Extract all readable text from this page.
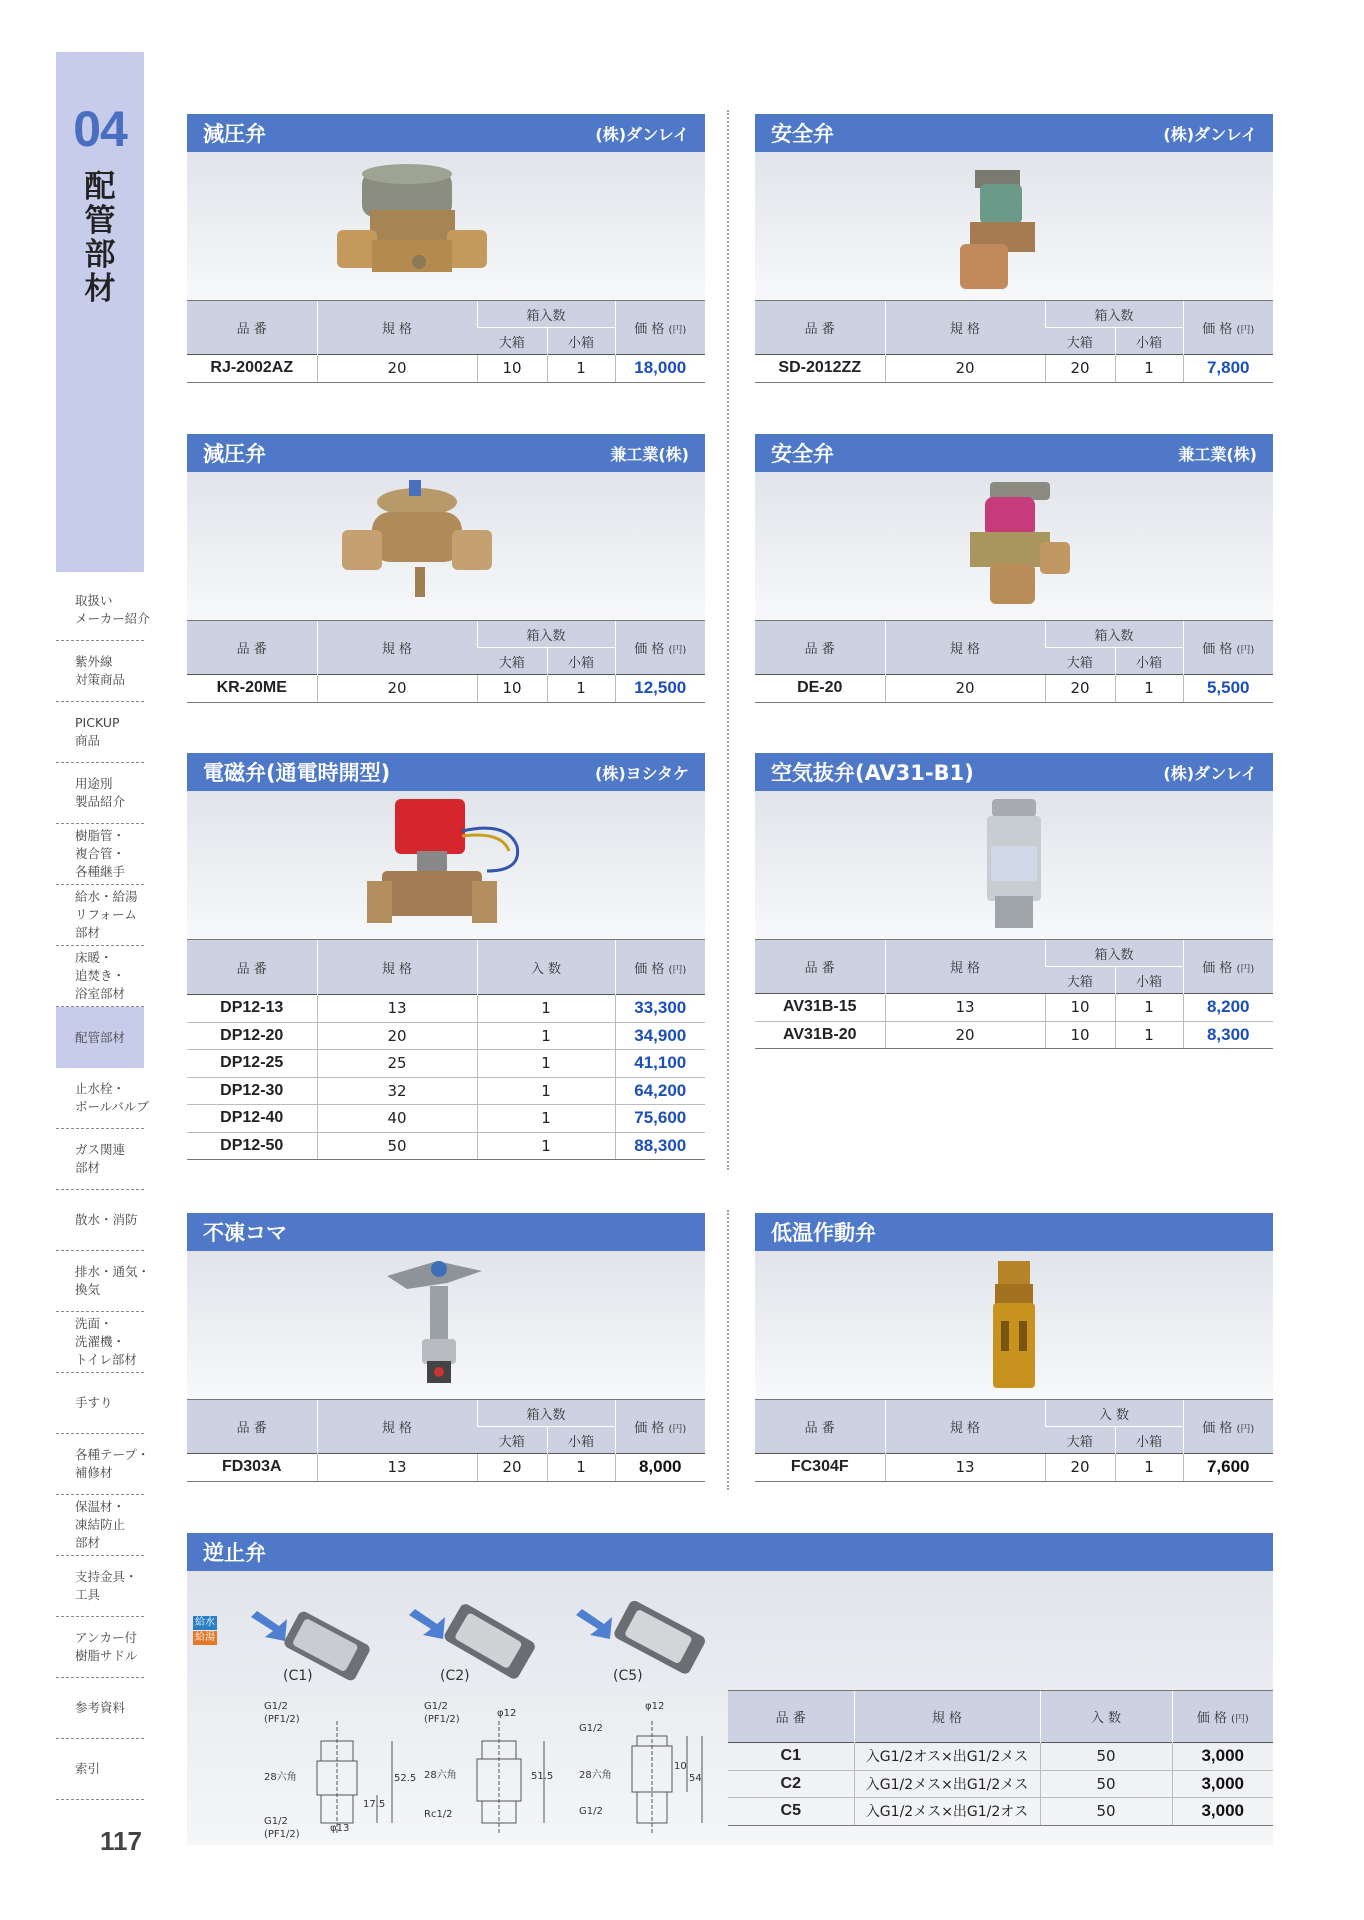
04
配
管
部
材
取扱い
メーカー紹介
紫外線
対策商品
PICKUP
商品
用途別
製品紹介
樹脂管・
複合管・
各種継手
給水・給湯
リフォーム
部材
床暖・
追焚き・
浴室部材
配管部材
止水栓・
ボールバルブ
ガス関連
部材
散水・消防
排水・通気・
換気
洗面・
洗濯機・
トイレ部材
手すり
各種テープ・
補修材
保温材・
凍結防止
部材
支持金具・
工具
アンカー付
樹脂サドル
参考資料
索引
117
減圧弁	(株)ダンレイ
品 番	規 格	箱入数		価 格 (円)
		大箱	小箱	
RJ-2002AZ	20	10	1	18,000
安全弁	(株)ダンレイ
品 番	規 格	箱入数		価 格 (円)
		大箱	小箱	
SD-2012ZZ	20	20	1	7,800
減圧弁	兼工業(株)
品 番	規 格	箱入数		価 格 (円)
		大箱	小箱	
KR-20ME	20	10	1	12,500
安全弁	兼工業(株)
品 番	規 格	箱入数		価 格 (円)
		大箱	小箱	
DE-20	20	20	1	5,500
電磁弁(通電時開型)	(株)ヨシタケ
品 番	規 格	入 数	価 格 (円)
DP12-13	13	1	33,300
DP12-20	20	1	34,900
DP12-25	25	1	41,100
DP12-30	32	1	64,200
DP12-40	40	1	75,600
DP12-50	50	1	88,300
空気抜弁(AV31-B1)	(株)ダンレイ
品 番	規 格	箱入数		価 格 (円)
		大箱	小箱	
AV31B-15	13	10	1	8,200
AV31B-20	20	10	1	8,300
不凍コマ
品 番	規 格	箱入数		価 格 (円)
		大箱	小箱	
FD303A	13	20	1	8,000
低温作動弁
品 番	規 格	入 数		価 格 (円)
		大箱	小箱	
FC304F	13	20	1	7,600
逆止弁
給水
給湯
(C1)	(C2)	(C5)
G1/2
(PF1/2)
28六角
G1/2
(PF1/2)
φ13
17.5
52.5
G1/2
(PF1/2)
φ12
28六角
Rc1/2
51.5
φ12
G1/2
28六角
G1/2
10
54
品 番	規 格	入 数	価 格 (円)
C1	入G1/2オス×出G1/2メス	50	3,000
C2	入G1/2メス×出G1/2メス	50	3,000
C5	入G1/2メス×出G1/2オス	50	3,000
